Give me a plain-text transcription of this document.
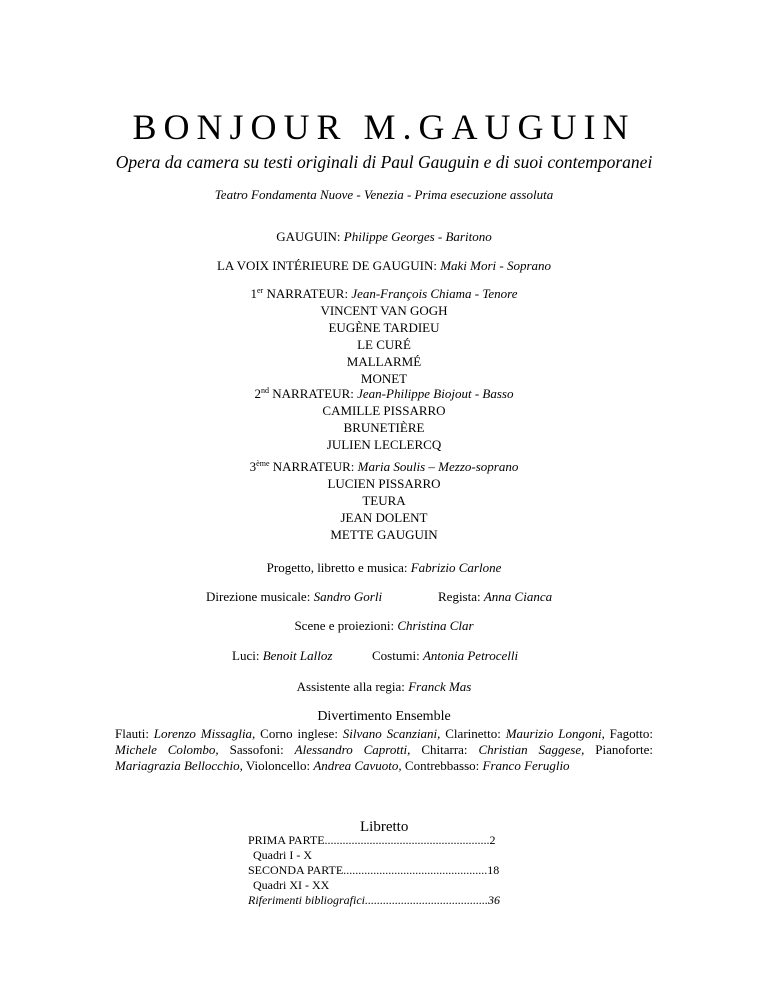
BONJOUR M.GAUGUIN
Opera da camera su testi originali di Paul Gauguin e di suoi contemporanei
Teatro Fondamenta Nuove - Venezia - Prima esecuzione assoluta
GAUGUIN: Philippe Georges - Baritono
LA VOIX INTÉRIEURE DE GAUGUIN: Maki Mori - Soprano
1er NARRATEUR: Jean-François Chiama - Tenore
VINCENT VAN GOGH
EUGÈNE TARDIEU
LE CURÉ
MALLARMÉ
MONET
2nd NARRATEUR: Jean-Philippe Biojout - Basso
CAMILLE PISSARRO
BRUNETIÈRE
JULIEN LECLERCQ
3ème NARRATEUR: Maria Soulis – Mezzo-soprano
LUCIEN PISSARRO
TEURA
JEAN DOLENT
METTE GAUGUIN
Progetto, libretto e musica: Fabrizio Carlone
Direzione musicale: Sandro Gorli	Regista: Anna Cianca
Scene e proiezioni: Christina Clar
Luci: Benoit Lalloz	Costumi: Antonia Petrocelli
Assistente alla regia: Franck Mas
Divertimento Ensemble
Flauti: Lorenzo Missaglia, Corno inglese: Silvano Scanziani, Clarinetto: Maurizio Longoni, Fagotto: Michele Colombo, Sassofoni: Alessandro Caprotti, Chitarra: Christian Saggese, Pianoforte: Mariagrazia Bellocchio, Violoncello: Andrea Cavuoto, Contrebbasso: Franco Feruglio
Libretto
PRIMA PARTE.......................................................2
Quadri I - X
SECONDA PARTE................................................18
Quadri XI - XX
Riferimenti bibliografici.........................................36
